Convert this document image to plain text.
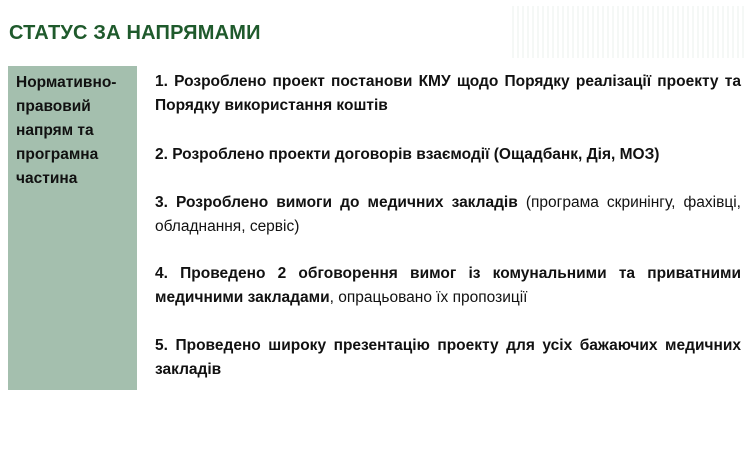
СТАТУС ЗА НАПРЯМАМИ
Нормативно-правовий напрям та програмна частина

1. Розроблено проект постанови КМУ щодо Порядку реалізації проекту та Порядку використання коштів

2. Розроблено проекти договорів взаємодії (Ощадбанк, Дія, МОЗ)

3. Розроблено вимоги до медичних закладів (програма скринінгу, фахівці, обладнання, сервіс)

4. Проведено 2 обговорення вимог із комунальними та приватними медичними закладами, опрацьовано їх пропозиції

5. Проведено широку презентацію проекту для усіх бажаючих медичних закладів
